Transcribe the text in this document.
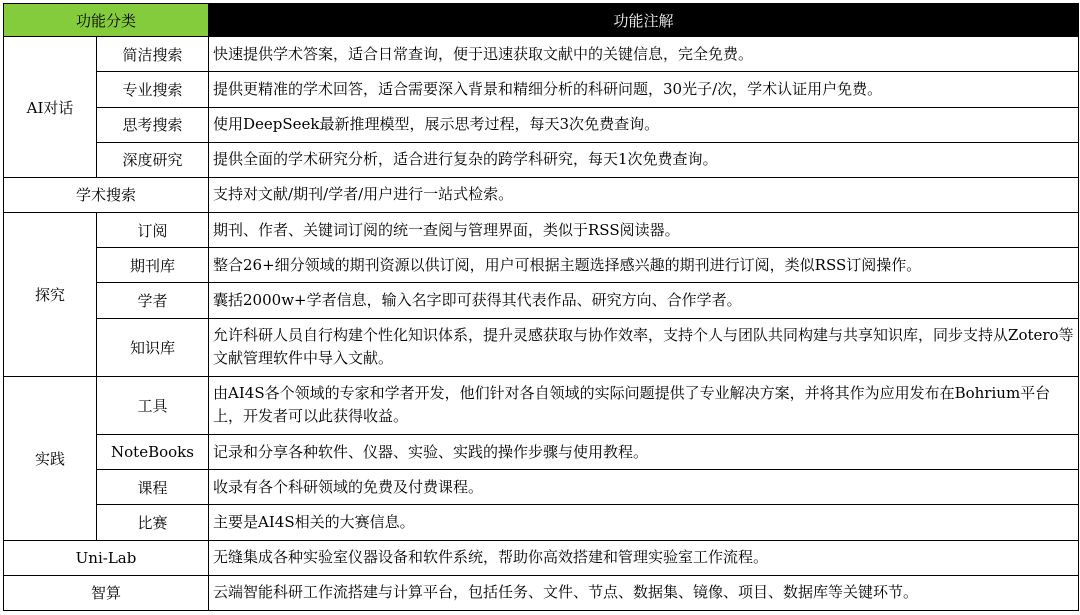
功能分类		功能注解
AI对话	简洁搜索	快速提供学术答案，适合日常查询，便于迅速获取文献中的关键信息，完全免费。
	专业搜索	提供更精准的学术回答，适合需要深入背景和精细分析的科研问题，30光子/次，学术认证用户免费。
	思考搜索	使用DeepSeek最新推理模型，展示思考过程，每天3次免费查询。
	深度研究	提供全面的学术研究分析，适合进行复杂的跨学科研究，每天1次免费查询。
学术搜索		支持对文献/期刊/学者/用户进行一站式检索。
探究	订阅	期刊、作者、关键词订阅的统一查阅与管理界面，类似于RSS阅读器。
	期刊库	整合26+细分领域的期刊资源以供订阅，用户可根据主题选择感兴趣的期刊进行订阅，类似RSS订阅操作。
	学者	囊括2000w+学者信息，输入名字即可获得其代表作品、研究方向、合作学者。
	知识库	允许科研人员自行构建个性化知识体系，提升灵感获取与协作效率，支持个人与团队共同构建与共享知识库，同步支持从Zotero等文献管理软件中导入文献。
实践	工具	由AI4S各个领域的专家和学者开发，他们针对各自领域的实际问题提供了专业解决方案，并将其作为应用发布在Bohrium平台上，开发者可以此获得收益。
	NoteBooks	记录和分享各种软件、仪器、实验、实践的操作步骤与使用教程。
	课程	收录有各个科研领域的免费及付费课程。
	比赛	主要是AI4S相关的大赛信息。
Uni-Lab		无缝集成各种实验室仪器设备和软件系统，帮助你高效搭建和管理实验室工作流程。
智算		云端智能科研工作流搭建与计算平台，包括任务、文件、节点、数据集、镜像、项目、数据库等关键环节。
